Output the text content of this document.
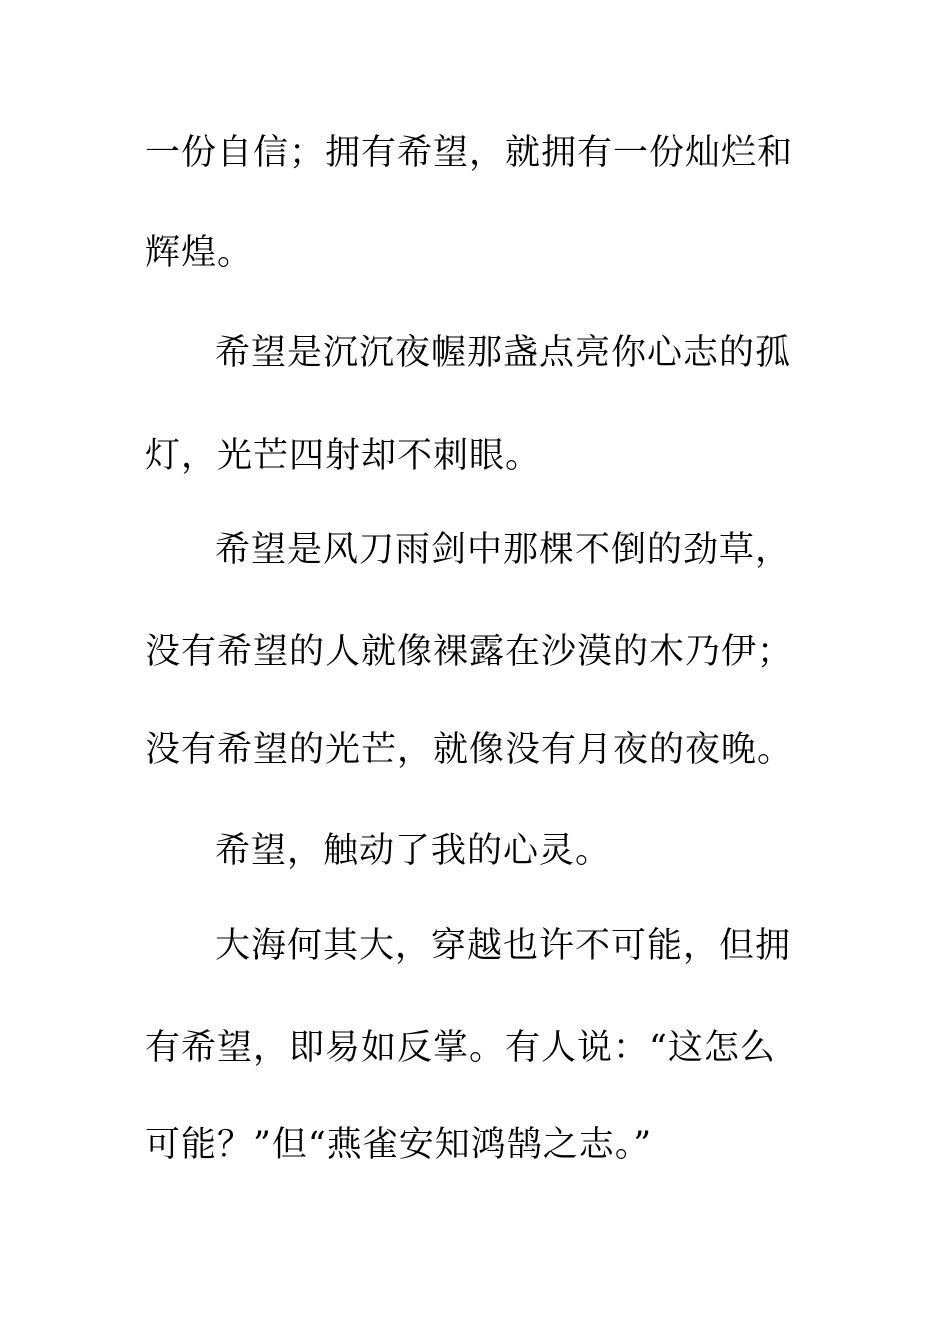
一份自信；拥有希望，就拥有一份灿烂和
辉煌。
希望是沉沉夜幄那盏点亮你心志的孤
灯，光芒四射却不刺眼。
希望是风刀雨剑中那棵不倒的劲草，
没有希望的人就像裸露在沙漠的木乃伊；
没有希望的光芒，就像没有月夜的夜晚。
希望，触动了我的心灵。
大海何其大，穿越也许不可能，但拥
有希望，即易如反掌。有人说：“这怎么
可能？”但“燕雀安知鸿鹄之志。”
